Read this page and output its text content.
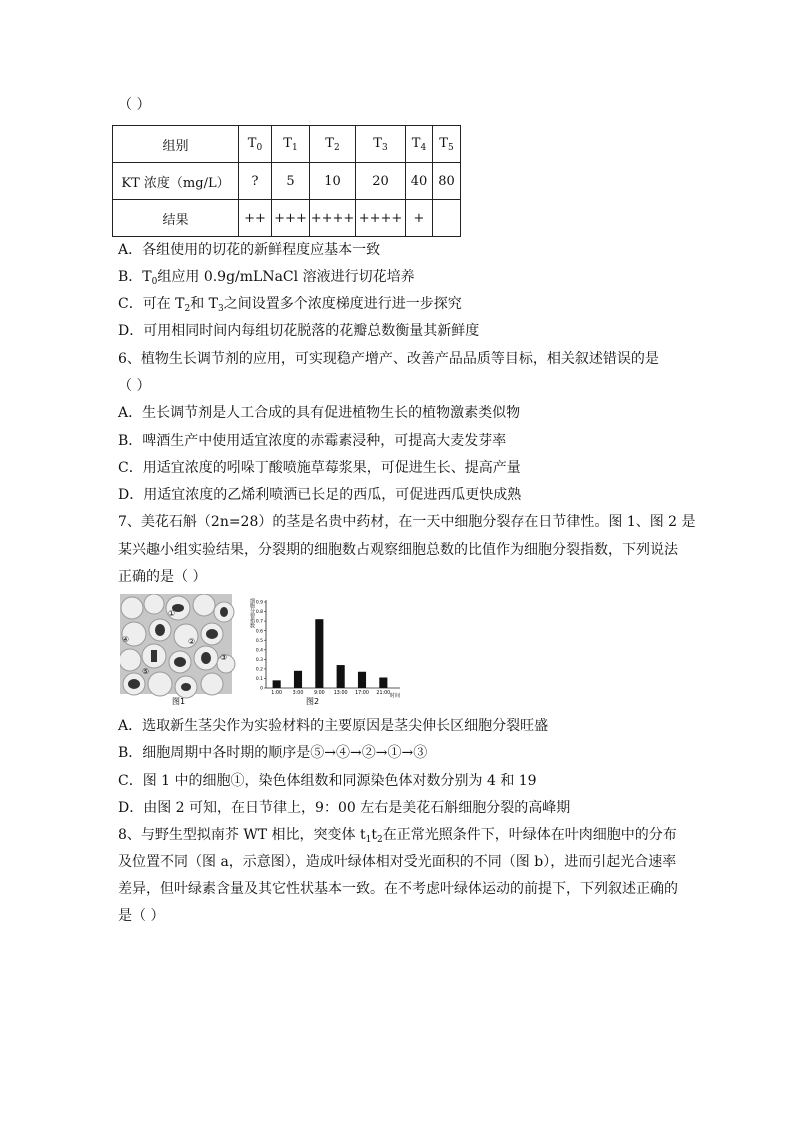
（ ）
组别	$T_0$	$T_1$	$T_2$	$T_3$	$T_4$	$T_5$
KT 浓度（mg/L）	?	5	10	20	40	80
结果	++	+++	++++	++++	+	
A．各组使用的切花的新鲜程度应基本一致
B．$T_0$组应用 0.9g/mLNaCl 溶液进行切花培养
C．可在 $T_2$和 $T_3$之间设置多个浓度梯度进行进一步探究
D．可用相同时间内每组切花脱落的花瓣总数衡量其新鲜度
6、植物生长调节剂的应用，可实现稳产增产、改善产品品质等目标，相关叙述错误的是
（ ）
A．生长调节剂是人工合成的具有促进植物生长的植物激素类似物
B．啤酒生产中使用适宜浓度的赤霉素浸种，可提高大麦发芽率
C．用适宜浓度的吲哚丁酸喷施草莓浆果，可促进生长、提高产量
D．用适宜浓度的乙烯利喷洒已长足的西瓜，可促进西瓜更快成熟
7、美花石斛（2n=28）的茎是名贵中药材，在一天中细胞分裂存在日节律性。图 1、图 2 是
某兴趣小组实验结果，分裂期的细胞数占观察细胞总数的比值作为细胞分裂指数，下列说法
正确的是（ ）
①
②
③
④
⑤
图1
细胞分裂指数
时间
0
0.1
0.2
0.3
0.4
0.5
0.6
0.7
0.8
0.9
1:00 3:00 9:00 13:00 17:00 21:00
图2
A．选取新生茎尖作为实验材料的主要原因是茎尖伸长区细胞分裂旺盛
B．细胞周期中各时期的顺序是⑤→④→②→①→③
C．图 1 中的细胞①，染色体组数和同源染色体对数分别为 4 和 19
D．由图 2 可知，在日节律上，9：00 左右是美花石斛细胞分裂的高峰期
8、与野生型拟南芥 WT 相比，突变体 $t_1t_2$在正常光照条件下，叶绿体在叶肉细胞中的分布
及位置不同（图 a，示意图），造成叶绿体相对受光面积的不同（图 b），进而引起光合速率
差异，但叶绿素含量及其它性状基本一致。在不考虑叶绿体运动的前提下，下列叙述正确的
是（ ）
